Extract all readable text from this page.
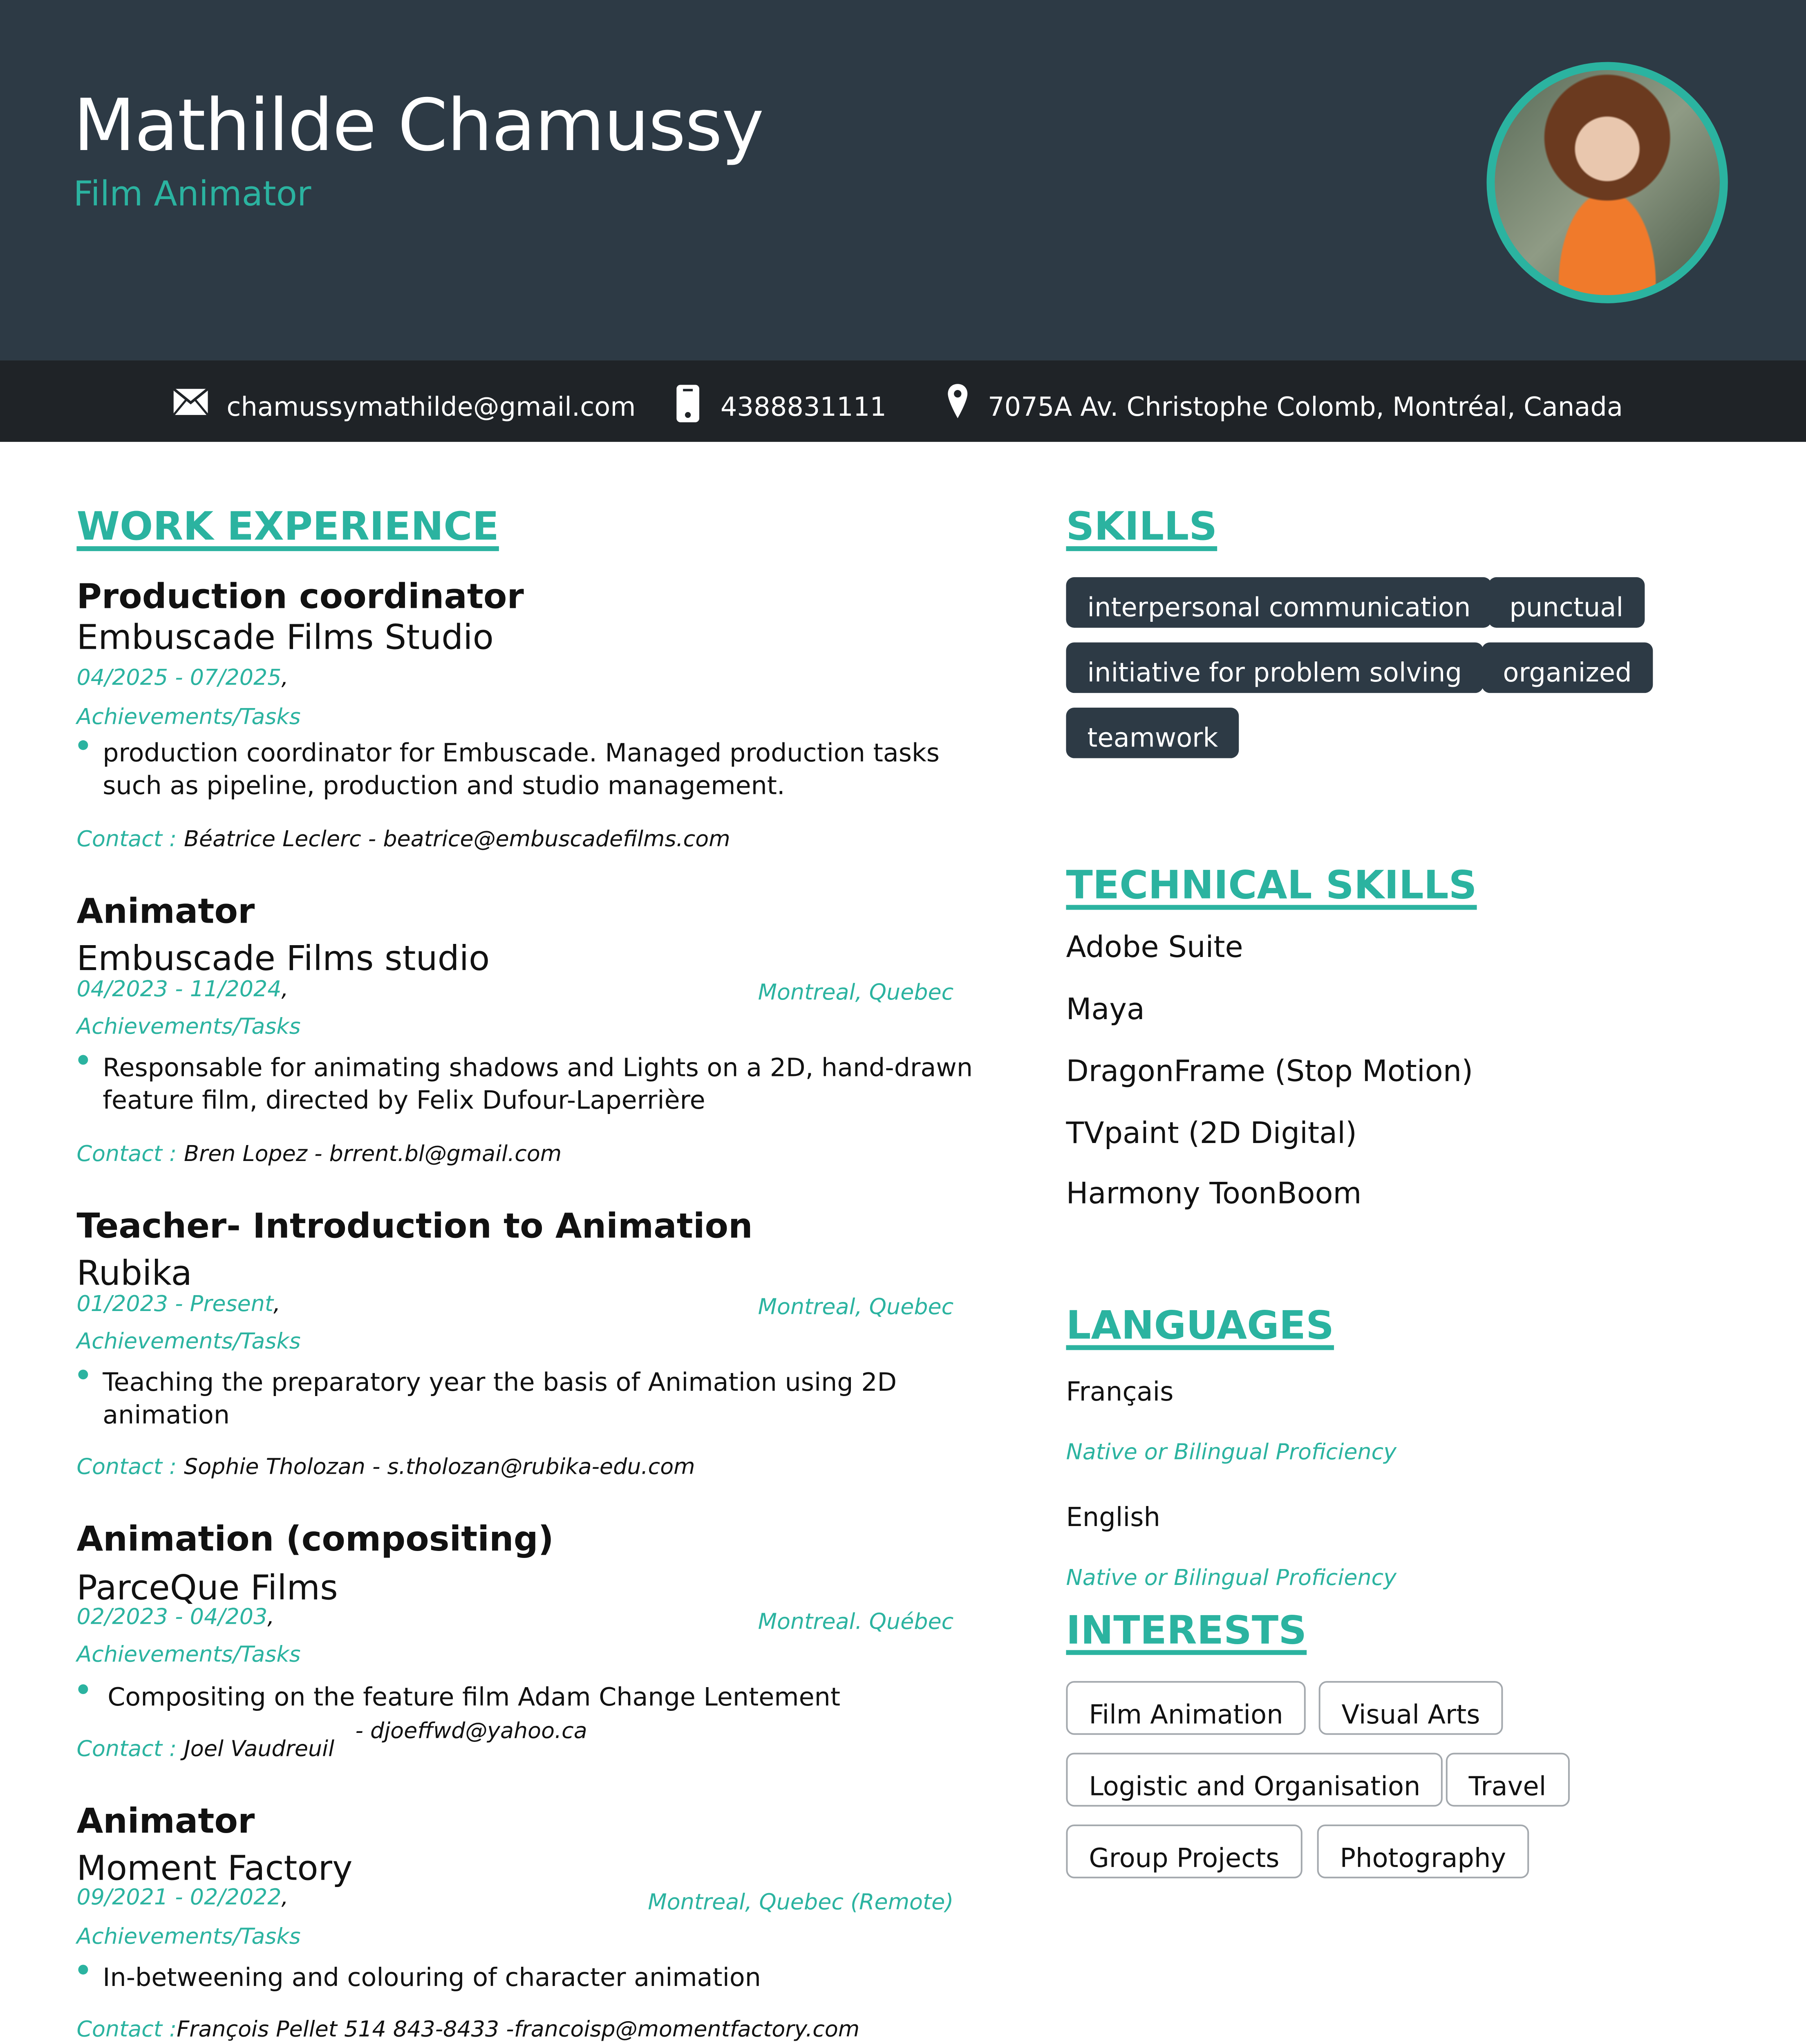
Mathilde Chamussy
Film Animator
chamussymathilde@gmail.com	4388831111	7075A Av. Christophe Colomb, Montréal, Canada
WORK EXPERIENCE
Production coordinator
Embuscade Films Studio
04/2025 - 07/2025,
Achievements/Tasks
production coordinator for Embuscade. Managed production tasks
such as pipeline, production and studio management.
Contact : Béatrice Leclerc - beatrice@embuscadefilms.com
Animator
Embuscade Films studio
04/2023 - 11/2024,	Montreal, Quebec
Achievements/Tasks
Responsable for animating shadows and Lights on a 2D, hand-drawn
feature film, directed by Felix Dufour-Laperrière
Contact : Bren Lopez - brrent.bl@gmail.com
Teacher- Introduction to Animation
Rubika
01/2023 - Present,	Montreal, Quebec
Achievements/Tasks
Teaching the preparatory year the basis of Animation using 2D
animation
Contact : Sophie Tholozan - s.tholozan@rubika-edu.com
Animation (compositing)
ParceQue Films
02/2023 - 04/203,	Montreal. Québec
Achievements/Tasks
Compositing on the feature film Adam Change Lentement
Contact : Joel Vaudreuil
- djoeffwd@yahoo.ca
Animator
Moment Factory
09/2021 - 02/2022,	Montreal, Quebec (Remote)
Achievements/Tasks
In-betweening and colouring of character animation
Contact :François Pellet 514 843-8433 -francoisp@momentfactory.com
SKILLS
interpersonal communication	punctual
initiative for problem solving	organized
teamwork
TECHNICAL SKILLS
Adobe Suite
Maya
DragonFrame (Stop Motion)
TVpaint (2D Digital)
Harmony ToonBoom
LANGUAGES
Français
Native or Bilingual Proficiency
English
Native or Bilingual Proficiency
INTERESTS
Film Animation	Visual Arts
Logistic and Organisation	Travel
Group Projects	Photography
